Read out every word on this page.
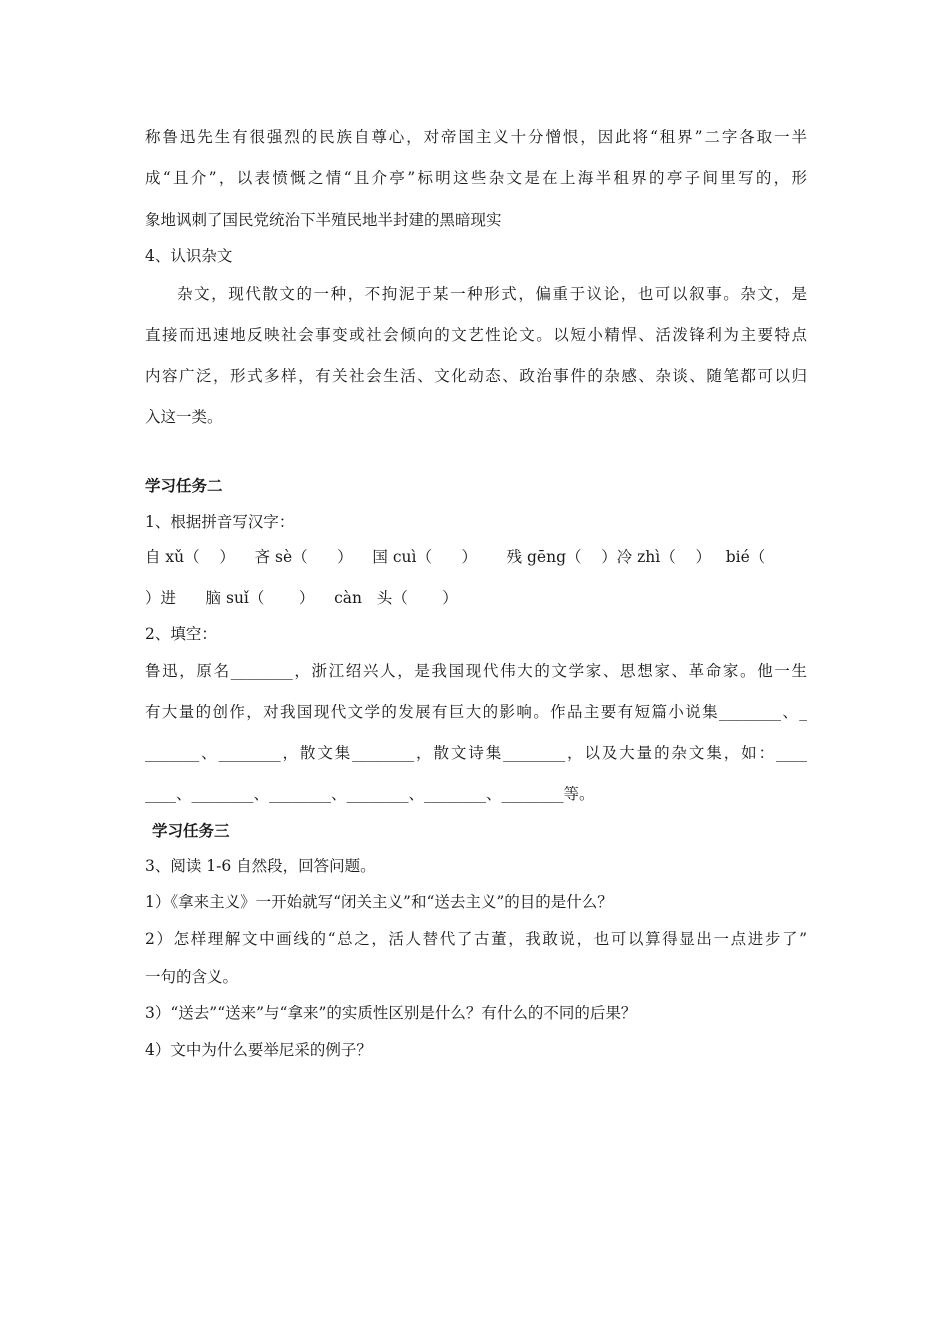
称鲁迅先生有很强烈的民族自尊心，对帝国主义十分憎恨，因此将“租界”二字各取一半
成“且介”，以表愤慨之情“且介亭”标明这些杂文是在上海半租界的亭子间里写的，形
象地讽刺了国民党统治下半殖民地半封建的黑暗现实
4、认识杂文
杂文，现代散文的一种，不拘泥于某一种形式，偏重于议论，也可以叙事。杂文，是
直接而迅速地反映社会事变或社会倾向的文艺性论文。以短小精悍、活泼锋利为主要特点
内容广泛，形式多样，有关社会生活、文化动态、政治事件的杂感、杂谈、随笔都可以归
入这一类。
学习任务二
1、根据拼音写汉字：
自 xǔ（    ）    吝 sè（      ）    国 cuì（      ）      残 gēng（    ）冷 zhì（    ）   bié（
）进      脑 suǐ（       ）    càn   头（       ）
2、填空：
鲁迅，原名________，浙江绍兴人，是我国现代伟大的文学家、思想家、革命家。他一生
有大量的创作，对我国现代文学的发展有巨大的影响。作品主要有短篇小说集________、_
_______、________，散文集________，散文诗集________，以及大量的杂文集，如：____
____、________、________、________、________、________等。
学习任务三
3、阅读 1-6 自然段，回答问题。
1）《拿来主义》一开始就写“闭关主义”和“送去主义”的目的是什么？
2）怎样理解文中画线的“总之，活人替代了古董，我敢说，也可以算得显出一点进步了”
一句的含义。
3）“送去”“送来”与“拿来”的实质性区别是什么？有什么的不同的后果？
4）文中为什么要举尼采的例子？
